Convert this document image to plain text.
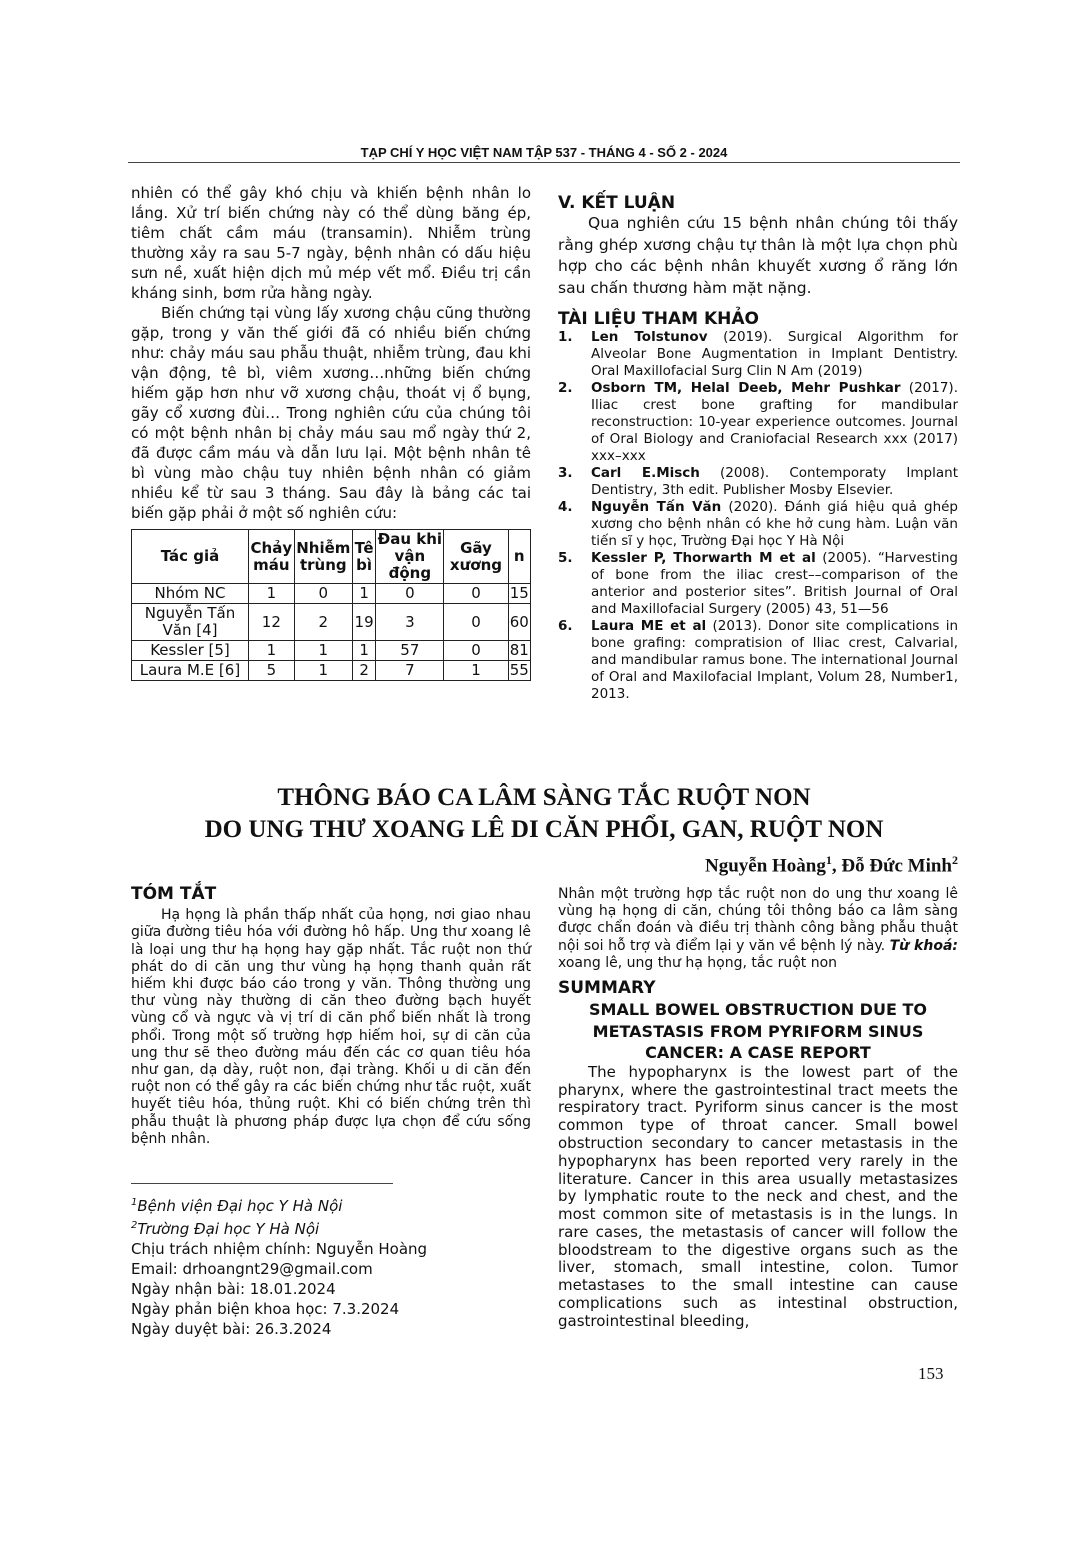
TẠP CHÍ Y HỌC VIỆT NAM TẬP 537 - THÁNG 4 - SỐ 2 - 2024

nhiên có thể gây khó chịu và khiến bệnh nhân lo lắng. Xử trí biến chứng này có thể dùng băng ép, tiêm chất cầm máu (transamin). Nhiễm trùng thường xảy ra sau 5-7 ngày, bệnh nhân có dấu hiệu sưn nề, xuất hiện dịch mủ mép vết mổ. Điều trị cần kháng sinh, bơm rửa hằng ngày.

Biến chứng tại vùng lấy xương chậu cũng thường gặp, trong y văn thế giới đã có nhiều biến chứng như: chảy máu sau phẫu thuật, nhiễm trùng, đau khi vận động, tê bì, viêm xương…những biến chứng hiếm gặp hơn như vỡ xương chậu, thoát vị ổ bụng, gãy cổ xương đùi… Trong nghiên cứu của chúng tôi có một bệnh nhân bị chảy máu sau mổ ngày thứ 2, đã được cầm máu và dẫn lưu lại. Một bệnh nhân tê bì vùng mào chậu tuy nhiên bệnh nhân có giảm nhiều kể từ sau 3 tháng. Sau đây là bảng các tai biến gặp phải ở một số nghiên cứu:

Tác giả	Chảy máu	Nhiễm trùng	Tê bì	Đau khi vận động	Gãy xương	n
Nhóm NC	1	0	1	0	0	15
Nguyễn Tấn Văn [4]	12	2	19	3	0	60
Kessler [5]	1	1	1	57	0	81
Laura M.E [6]	5	1	2	7	1	55
V. KẾT LUẬN

Qua nghiên cứu 15 bệnh nhân chúng tôi thấy rằng ghép xương chậu tự thân là một lựa chọn phù hợp cho các bệnh nhân khuyết xương ổ răng lớn sau chấn thương hàm mặt nặng.

TÀI LIỆU THAM KHẢO
1.	Len Tolstunov (2019). Surgical Algorithm for Alveolar Bone Augmentation in Implant Dentistry. Oral Maxillofacial Surg Clin N Am (2019)
2.	Osborn TM, Helal Deeb, Mehr Pushkar (2017). Iliac crest bone grafting for mandibular reconstruction: 10-year experience outcomes. Journal of Oral Biology and Craniofacial Research xxx (2017) xxx–xxx
3.	Carl E.Misch (2008). Contemporaty Implant Dentistry, 3th edit. Publisher Mosby Elsevier.
4.	Nguyễn Tấn Văn (2020). Đánh giá hiệu quả ghép xương cho bệnh nhân có khe hở cung hàm. Luận văn tiến sĩ y học, Trường Đại học Y Hà Nội
5.	Kessler P, Thorwarth M et al (2005). “Harvesting of bone from the iliac crest––comparison of the anterior and posterior sites”. British Journal of Oral and Maxillofacial Surgery (2005) 43, 51—56
6.	Laura ME et al (2013). Donor site complications in bone grafing: compratision of Iliac crest, Calvarial, and mandibular ramus bone. The international Journal of Oral and Maxilofacial Implant, Volum 28, Number1, 2013.
THÔNG BÁO CA LÂM SÀNG TẮC RUỘT NON
DO UNG THƯ XOANG LÊ DI CĂN PHỔI, GAN, RUỘT NON
Nguyễn Hoàng$^1$, Đỗ Đức Minh$^2$
TÓM TẮT

Hạ họng là phần thấp nhất của họng, nơi giao nhau giữa đường tiêu hóa với đường hô hấp. Ung thư xoang lê là loại ung thư hạ họng hay gặp nhất. Tắc ruột non thứ phát do di căn ung thư vùng hạ họng thanh quản rất hiếm khi được báo cáo trong y văn. Thông thường ung thư vùng này thường di căn theo đường bạch huyết vùng cổ và ngực và vị trí di căn phổ biến nhất là trong phổi. Trong một số trường hợp hiếm hoi, sự di căn của ung thư sẽ theo đường máu đến các cơ quan tiêu hóa như gan, dạ dày, ruột non, đại tràng. Khối u di căn đến ruột non có thể gây ra các biến chứng như tắc ruột, xuất huyết tiêu hóa, thủng ruột. Khi có biến chứng trên thì phẫu thuật là phương pháp được lựa chọn để cứu sống bệnh nhân.

$^1$Bệnh viện Đại học Y Hà Nội
$^2$Trường Đại học Y Hà Nội
Chịu trách nhiệm chính: Nguyễn Hoàng
Email: drhoangnt29@gmail.com
Ngày nhận bài: 18.01.2024
Ngày phản biện khoa học: 7.3.2024
Ngày duyệt bài: 26.3.2024

Nhân một trường hợp tắc ruột non do ung thư xoang lê vùng hạ họng di căn, chúng tôi thông báo ca lâm sàng được chẩn đoán và điều trị thành công bằng phẫu thuật nội soi hỗ trợ và điểm lại y văn về bệnh lý này. Từ khoá: xoang lê, ung thư hạ họng, tắc ruột non

SUMMARY
SMALL BOWEL OBSTRUCTION DUE TO METASTASIS FROM PYRIFORM SINUS CANCER: A CASE REPORT

The hypopharynx is the lowest part of the pharynx, where the gastrointestinal tract meets the respiratory tract. Pyriform sinus cancer is the most common type of throat cancer. Small bowel obstruction secondary to cancer metastasis in the hypopharynx has been reported very rarely in the literature. Cancer in this area usually metastasizes by lymphatic route to the neck and chest, and the most common site of metastasis is in the lungs. In rare cases, the metastasis of cancer will follow the bloodstream to the digestive organs such as the liver, stomach, small intestine, colon. Tumor metastases to the small intestine can cause complications such as intestinal obstruction, gastrointestinal bleeding,

153
